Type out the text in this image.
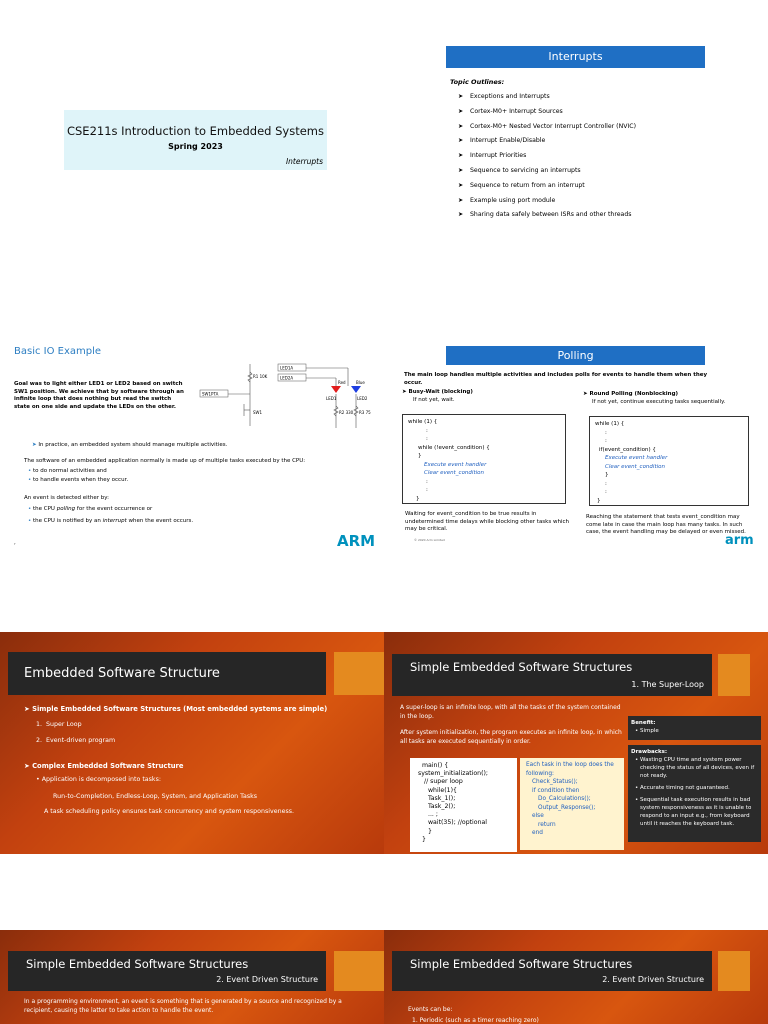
CSE211s Introduction to Embedded Systems
Spring 2023
Interrupts
Interrupts
Topic Outlines:
➤ Exceptions and Interrupts
➤ Cortex-M0+ Interrupt Sources
➤ Cortex-M0+ Nested Vector Interrupt Controller (NVIC)
➤ Interrupt Enable/Disable
➤ Interrupt Priorities
➤ Sequence to servicing an interrupts
➤ Sequence to return from an interrupt
➤ Example using port module
➤ Sharing data safely between ISRs and other threads
Basic IO Example
Goal was to light either LED1 or LED2 based on switch SW1 position. We achieve that by software through an infinite loop that does nothing but read the switch state on one side and update the LEDs on the other.
LED1A
LED2A
SW1PTA
R1 10K
SW1
Red	Blue
LED1	LED2
R2 330 R3 75
➤ In practice, an embedded system should manage multiple activities.
The software of an embedded application normally is made up of multiple tasks executed by the CPU:
• to do normal activities and
• to handle events when they occur.
An event is detected either by:
• the CPU polling for the event occurrence or
• the CPU is notified by an interrupt when the event occurs.
,	ARM
Polling
The main loop handles multiple activities and includes polls for events to handle them when they occur.
➤ Busy-Wait (blocking)
If not yet, wait.
➤ Round Polling (Nonblocking)
If not yet, continue executing tasks sequentially.
while (1) {
:
:
while (!event_condition) {
}
Execute event handler
Clear event_condition
:
:
}
while (1) {
:
:
if(event_condition) {
Execute event handler
Clear event_condition
}
:
:
}
Waiting for event_condition to be true results in undetermined time delays while blocking other tasks which may be critical.
Reaching the statement that tests event_condition may come late in case the main loop has many tasks. In such case, the event handling may be delayed or even missed.
© 2020 Arm Limited	arm
Embedded Software Structure
➤ Simple Embedded Software Structures (Most embedded systems are simple)
1.  Super Loop
2.  Event-driven program
➤ Complex Embedded Software Structure
• Application is decomposed into tasks:
Run-to-Completion, Endless-Loop, System, and Application Tasks
A task scheduling policy ensures task concurrency and system responsiveness.
Simple Embedded Software Structures
1. The Super-Loop
A super-loop is an infinite loop, with all the tasks of the system contained in the loop.
After system initialization, the program executes an infinite loop, in which all tasks are executed sequentially in order.
main() {
system_initialization();
// super loop
while(1){
Task_1();
Task_2();
... ;
wait(35); //optional
}
}
Each task in the loop does the following:
Check_Status();
if condition then
Do_Calculations();
Output_Response();
else
return
end
Benefit:
• Simple
Drawbacks:
• Wasting CPU time and system power checking the status of all devices, even if not ready.
• Accurate timing not guaranteed.
• Sequential task execution results in bad system responsiveness as it is unable to respond to an input e.g., from keyboard until it reaches the keyboard task.
Simple Embedded Software Structures
2. Event Driven Structure
In a programming environment, an event is something that is generated by a source and recognized by a recipient, causing the latter to take action to handle the event.
Simple Embedded Software Structures
2. Event Driven Structure
Events can be:
1. Periodic (such as a timer reaching zero)
